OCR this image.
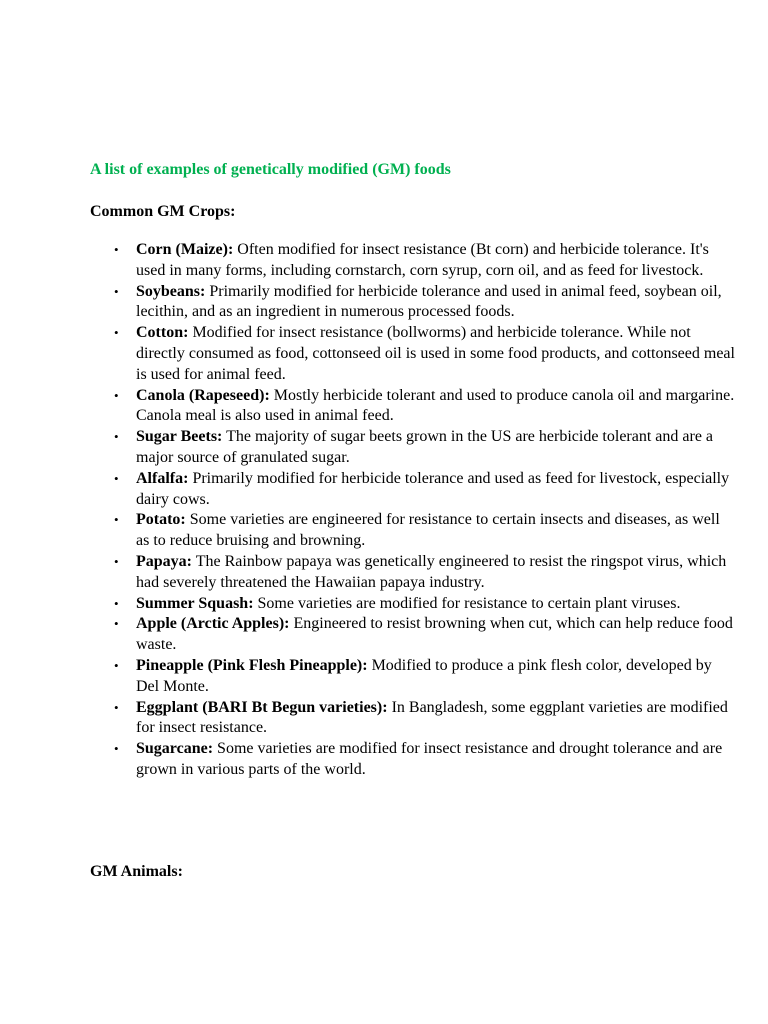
A list of examples of genetically modified (GM) foods

Common GM Crops:

• Corn (Maize): Often modified for insect resistance (Bt corn) and herbicide tolerance. It's used in many forms, including cornstarch, corn syrup, corn oil, and as feed for livestock.
• Soybeans: Primarily modified for herbicide tolerance and used in animal feed, soybean oil, lecithin, and as an ingredient in numerous processed foods.
• Cotton: Modified for insect resistance (bollworms) and herbicide tolerance. While not directly consumed as food, cottonseed oil is used in some food products, and cottonseed meal is used for animal feed.
• Canola (Rapeseed): Mostly herbicide tolerant and used to produce canola oil and margarine. Canola meal is also used in animal feed.
• Sugar Beets: The majority of sugar beets grown in the US are herbicide tolerant and are a major source of granulated sugar.
• Alfalfa: Primarily modified for herbicide tolerance and used as feed for livestock, especially dairy cows.
• Potato: Some varieties are engineered for resistance to certain insects and diseases, as well as to reduce bruising and browning.
• Papaya: The Rainbow papaya was genetically engineered to resist the ringspot virus, which had severely threatened the Hawaiian papaya industry.
• Summer Squash: Some varieties are modified for resistance to certain plant viruses.
• Apple (Arctic Apples): Engineered to resist browning when cut, which can help reduce food waste.
• Pineapple (Pink Flesh Pineapple): Modified to produce a pink flesh color, developed by Del Monte.
• Eggplant (BARI Bt Begun varieties): In Bangladesh, some eggplant varieties are modified for insect resistance.
• Sugarcane: Some varieties are modified for insect resistance and drought tolerance and are grown in various parts of the world.

GM Animals:
